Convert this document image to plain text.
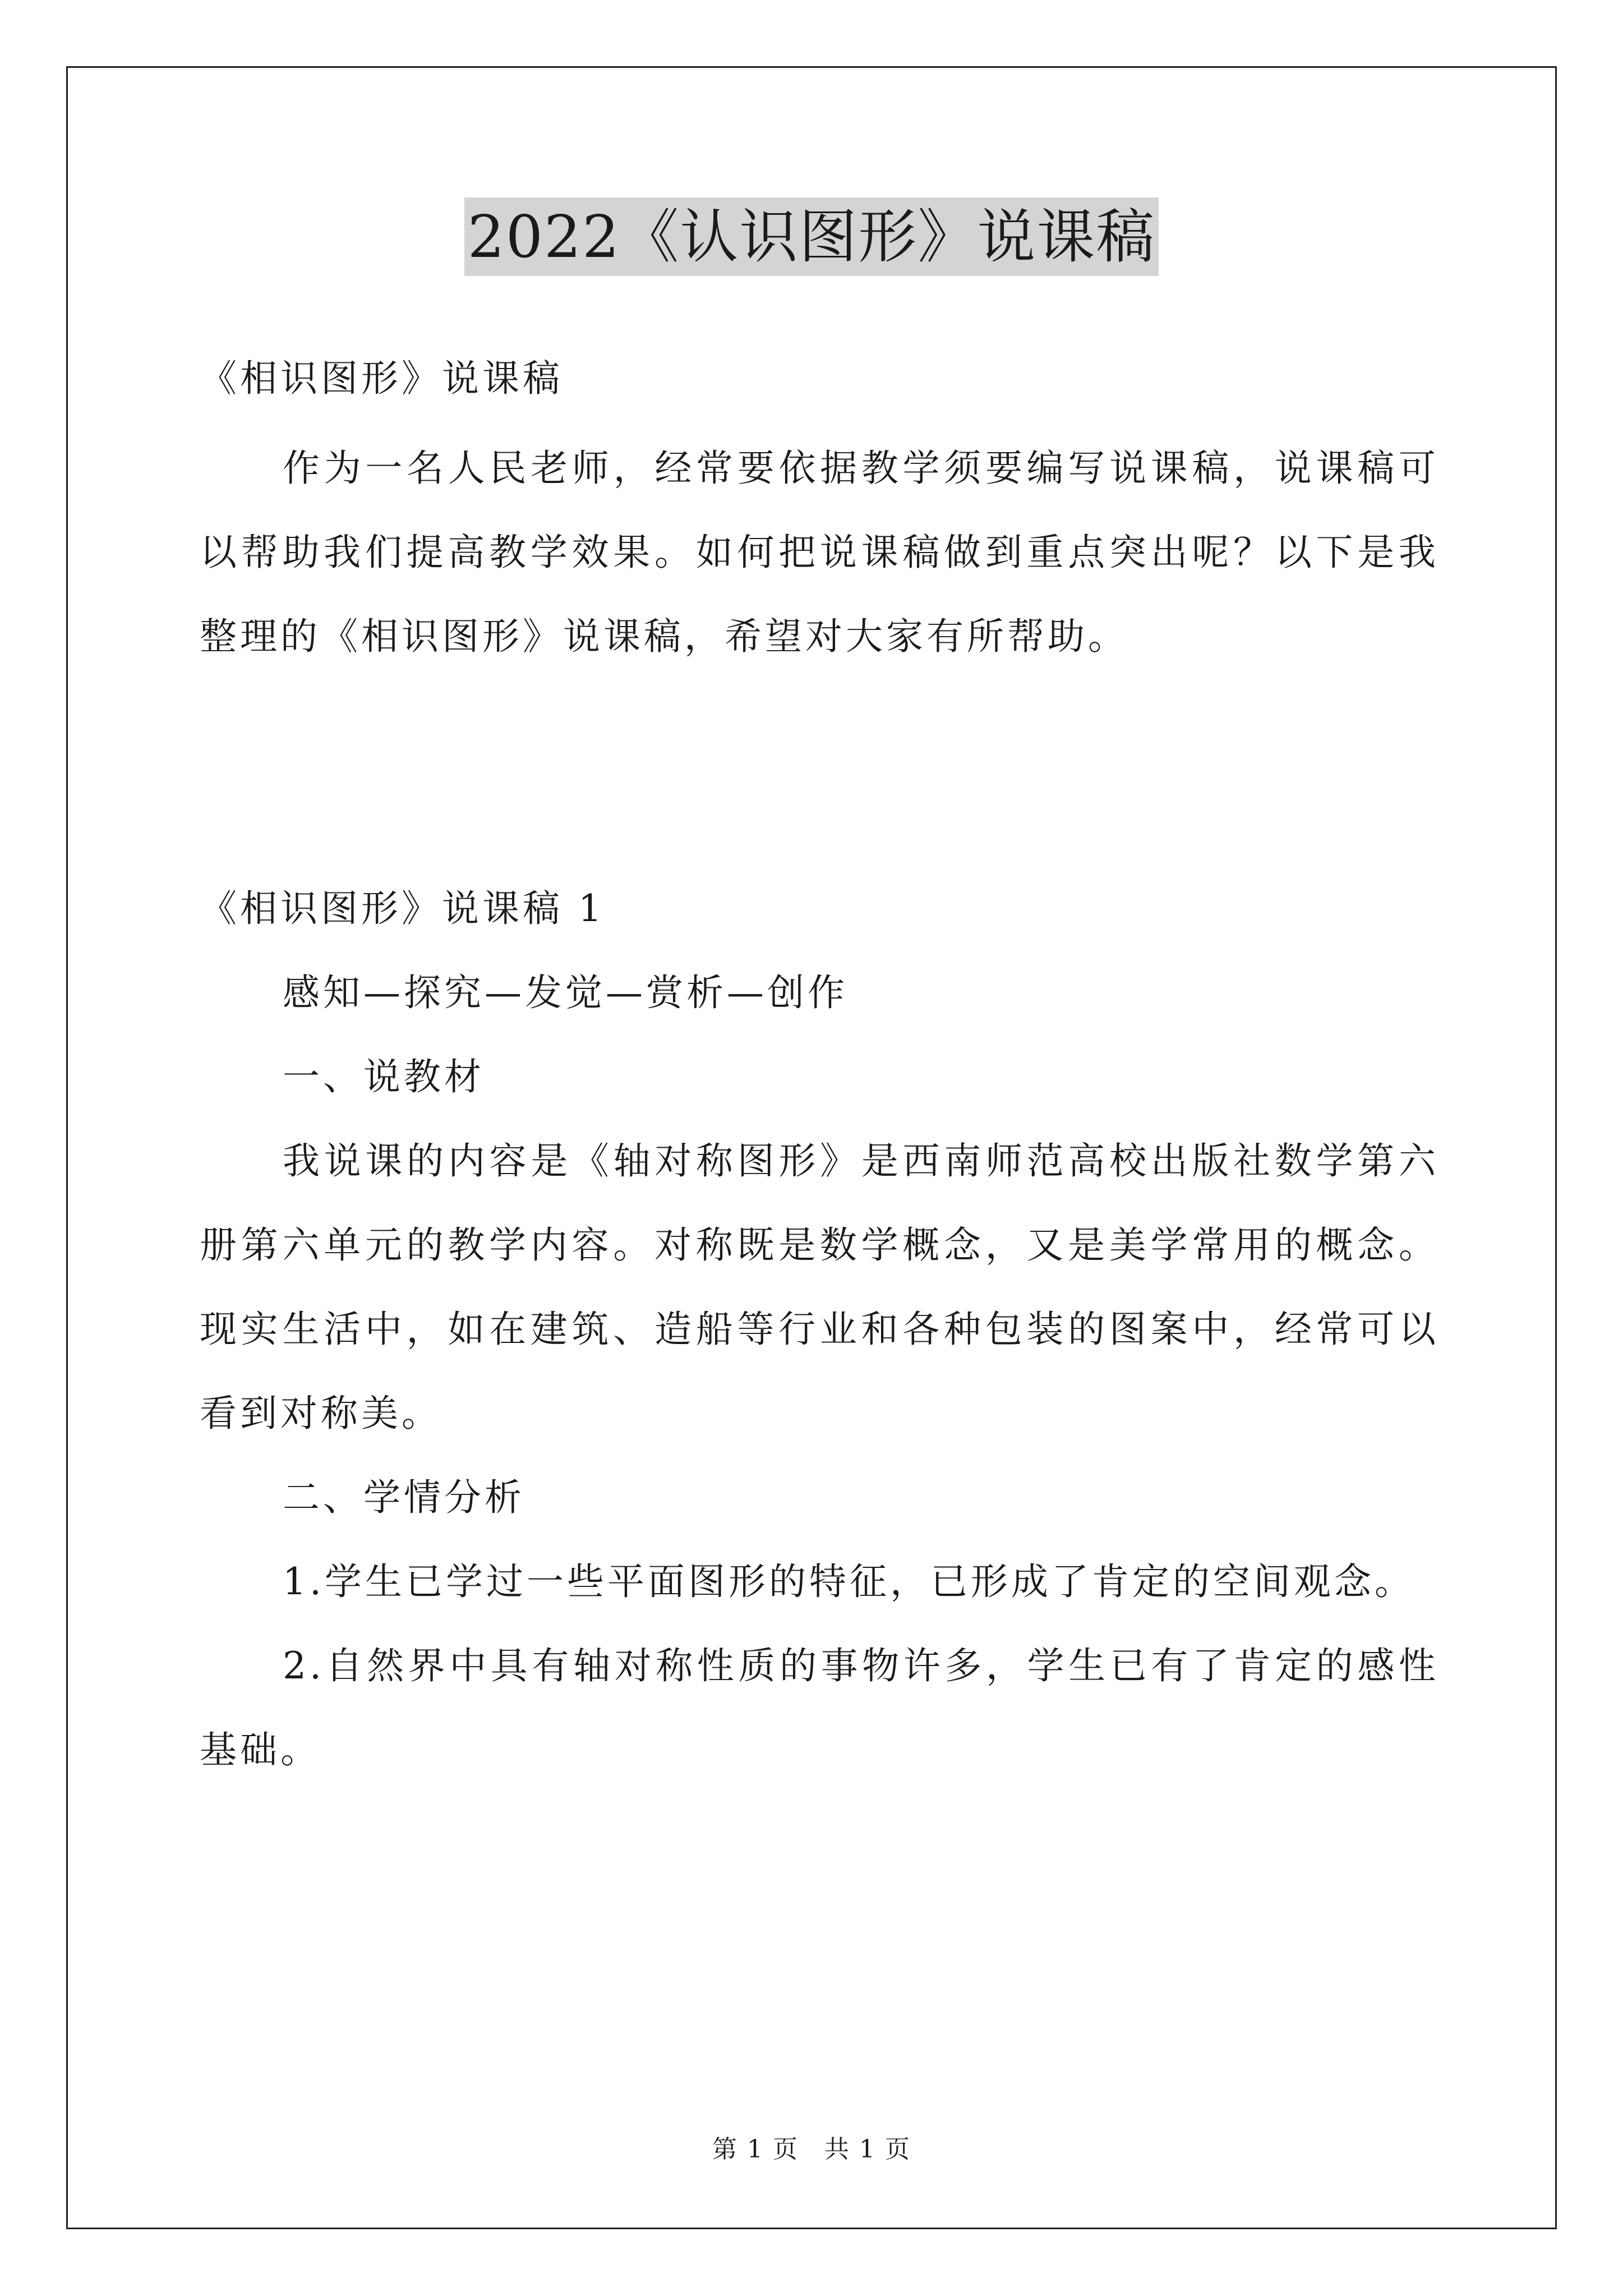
2022《认识图形》说课稿
《相识图形》说课稿
作为一名人民老师，经常要依据教学须要编写说课稿，说课稿可
以帮助我们提高教学效果。如何把说课稿做到重点突出呢？以下是我
整理的《相识图形》说课稿，希望对大家有所帮助。
《相识图形》说课稿 1
感知—探究—发觉—赏析—创作
一、说教材
我说课的内容是《轴对称图形》是西南师范高校出版社数学第六
册第六单元的教学内容。对称既是数学概念，又是美学常用的概念。
现实生活中，如在建筑、造船等行业和各种包装的图案中，经常可以
看到对称美。
二、学情分析
1.学生已学过一些平面图形的特征，已形成了肯定的空间观念。
2.自然界中具有轴对称性质的事物许多，学生已有了肯定的感性
基础。
第 1 页　共 1 页
